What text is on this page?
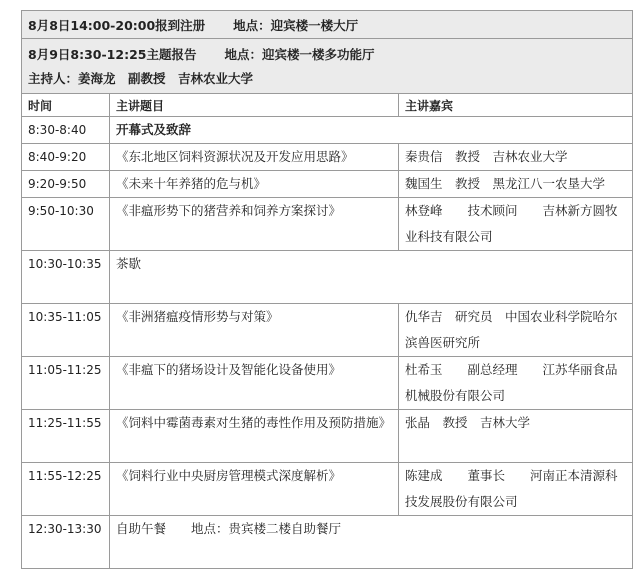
8月8日14:00-20:00报到注册 地点：迎宾楼一楼大厅		

8月9日8:30-12:25主题报告 地点：迎宾楼一楼多功能厅
主持人：姜海龙　副教授　吉林农业大学		

时间	主讲题目	主讲嘉宾
8:30-8:40	开幕式及致辞	
8:40-9:20	《东北地区饲料资源状况及开发应用思路》	秦贵信　教授　吉林农业大学
9:20-9:50	《未来十年养猪的危与机》	魏国生　教授　黑龙江八一农垦大学
9:50-10:30	《非瘟形势下的猪营养和饲养方案探讨》	林登峰　　技术顾问　　吉林新方圆牧业科技有限公司
10:30-10:35	茶歇	
10:35-11:05	《非洲猪瘟疫情形势与对策》	仇华吉　研究员　中国农业科学院哈尔滨兽医研究所
11:05-11:25	《非瘟下的猪场设计及智能化设备使用》	杜希玉　　副总经理　　江苏华丽食品机械股份有限公司
11:25-11:55	《饲料中霉菌毒素对生猪的毒性作用及预防措施》	张晶　教授　吉林大学
11:55-12:25	《饲料行业中央厨房管理模式深度解析》	陈建成　　董事长　　河南正本清源科技发展股份有限公司
12:30-13:30	自助午餐　　地点：贵宾楼二楼自助餐厅	
